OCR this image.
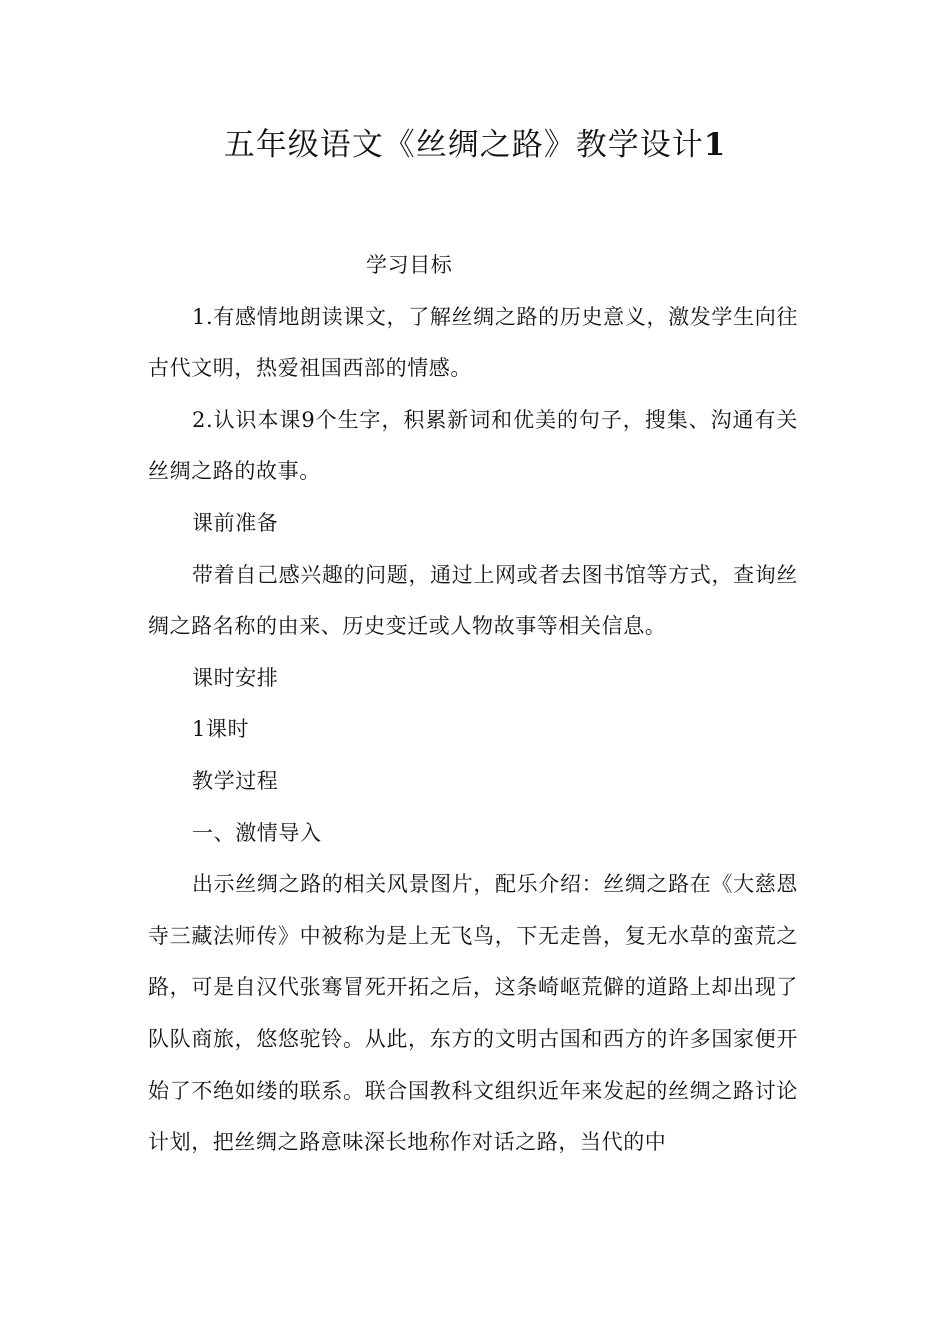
五年级语文《丝绸之路》教学设计1

学习目标

1.有感情地朗读课文，了解丝绸之路的历史意义，激发学生向往古代文明，热爱祖国西部的情感。

2.认识本课9个生字，积累新词和优美的句子，搜集、沟通有关丝绸之路的故事。

课前准备

带着自己感兴趣的问题，通过上网或者去图书馆等方式，查询丝绸之路名称的由来、历史变迁或人物故事等相关信息。

课时安排

1课时

教学过程

一、激情导入

出示丝绸之路的相关风景图片，配乐介绍：丝绸之路在《大慈恩寺三藏法师传》中被称为是上无飞鸟，下无走兽，复无水草的蛮荒之路，可是自汉代张骞冒死开拓之后，这条崎岖荒僻的道路上却出现了队队商旅，悠悠驼铃。从此，东方的文明古国和西方的许多国家便开始了不绝如缕的联系。联合国教科文组织近年来发起的丝绸之路讨论计划，把丝绸之路意味深长地称作对话之路，当代的中
